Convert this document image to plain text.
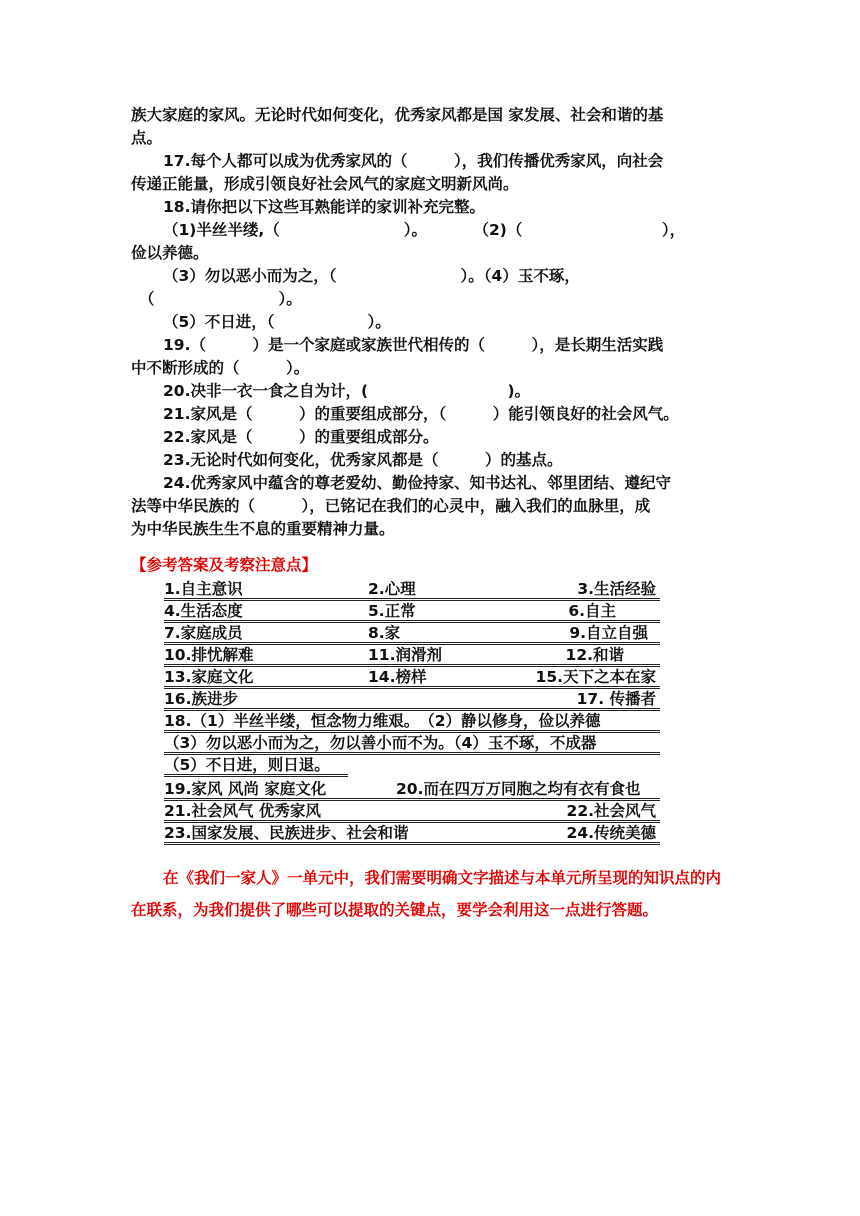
族大家庭的家风。无论时代如何变化，优秀家风都是国 家发展、社会和谐的基

点。

17.每个人都可以成为优秀家风的（　　　），我们传播优秀家风，向社会

传递正能量，形成引领良好社会风气的家庭文明新风尚。

18.请你把以下这些耳熟能详的家训补充完整。

（1)半丝半缕,（　　　　　　　　）。　　　　（2)（　　　　　　　　　），

俭以养德。

（3）勿以恶小而为之，（　　　　　　　　）。（4）玉不琢，

（　　　　　　　　）。

（5）不日进，（　　　　　　）。

19.（　　　）是一个家庭或家族世代相传的（　　　），是长期生活实践

中不断形成的（　　　）。

20.决非一衣一食之自为计，(　　　　　　　　　)。

21.家风是（　　　）的重要组成部分，（　　　）能引领良好的社会风气。

22.家风是（　　　）的重要组成部分。

23.无论时代如何变化，优秀家风都是（　　　）的基点。

24.优秀家风中蕴含的尊老爱幼、勤俭持家、知书达礼、邻里团结、遵纪守

法等中华民族的（　　　），已铭记在我们的心灵中，融入我们的血脉里，成

为中华民族生生不息的重要精神力量。

【参考答案及考察注意点】

1.自主意识	2.心理	3.生活经验
4.生活态度	5.正常	6.自主
7.家庭成员	8.家	9.自立自强
10.排忧解难	11.润滑剂	12.和谐
13.家庭文化	14.榜样	15.天下之本在家
16.族进步	17. 传播者
18.（1）半丝半缕，恒念物力维艰。　（2）静以修身，俭以养德
（3）勿以恶小而为之，勿以善小而不为。（4）玉不琢，不成器
（5）不日进，则日退。
19.家风 风尚 家庭文化	20.而在四万万同胞之均有衣有食也
21.社会风气 优秀家风	22.社会风气
23.国家发展、民族进步、社会和谐	24.传统美德

在《我们一家人》一单元中，我们需要明确文字描述与本单元所呈现的知识点的内在联系，为我们提供了哪些可以提取的关键点，要学会利用这一点进行答题。
